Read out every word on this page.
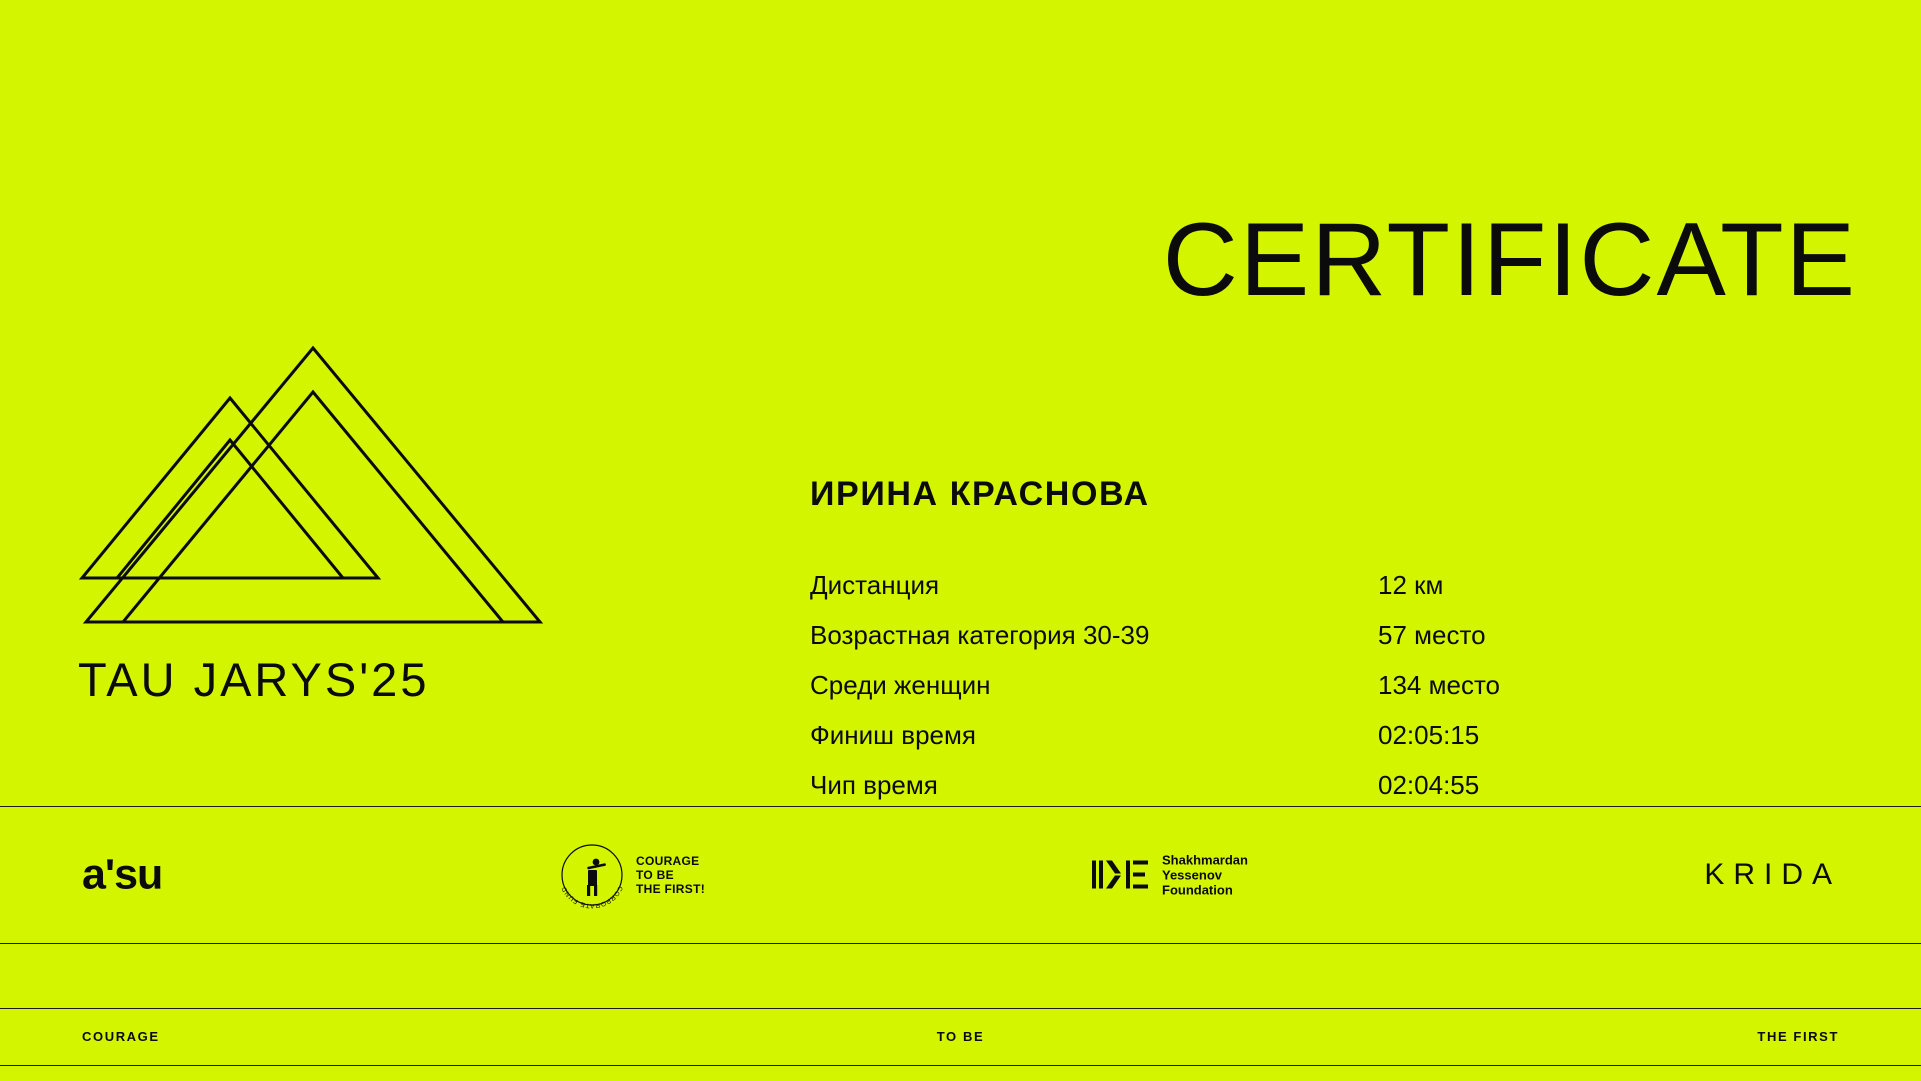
CERTIFICATE
TAU JARYS'25
ИРИНА КРАСНОВА
Дистанция	12 км
Возрастная категория 30-39	57 место
Среди женщин	134 место
Финиш время	02:05:15
Чип время	02:04:55
a'su	CORPORATE FUND
COURAGE
TO BE
THE FIRST!
Shakhmardan
Yessenov
Foundation	KRIDA
COURAGE	TO BE	THE FIRST
